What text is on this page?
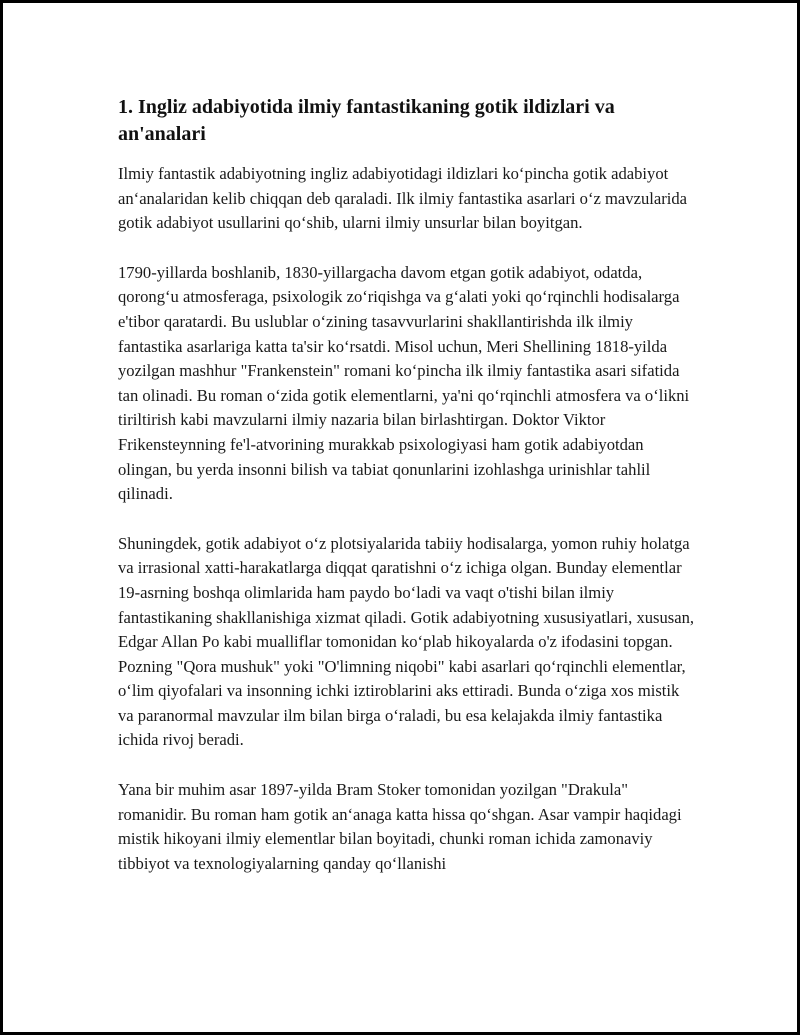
1. Ingliz adabiyotida ilmiy fantastikaning gotik ildizlari va an'analari

Ilmiy fantastik adabiyotning ingliz adabiyotidagi ildizlari koʻpincha gotik adabiyot anʻanalaridan kelib chiqqan deb qaraladi. Ilk ilmiy fantastika asarlari oʻz mavzularida gotik adabiyot usullarini qoʻshib, ularni ilmiy unsurlar bilan boyitgan.

1790-yillarda boshlanib, 1830-yillargacha davom etgan gotik adabiyot, odatda, qorongʻu atmosferaga, psixologik zoʻriqishga va gʻalati yoki qoʻrqinchli hodisalarga e'tibor qaratardi. Bu uslublar oʻzining tasavvurlarini shakllantirishda ilk ilmiy fantastika asarlariga katta ta'sir koʻrsatdi. Misol uchun, Meri Shellining 1818-yilda yozilgan mashhur "Frankenstein" romani koʻpincha ilk ilmiy fantastika asari sifatida tan olinadi. Bu roman oʻzida gotik elementlarni, ya'ni qoʻrqinchli atmosfera va oʻlikni tiriltirish kabi mavzularni ilmiy nazaria bilan birlashtirgan. Doktor Viktor Frikensteynning fe'l-atvorining murakkab psixologiyasi ham gotik adabiyotdan olingan, bu yerda insonni bilish va tabiat qonunlarini izohlashga urinishlar tahlil qilinadi.

Shuningdek, gotik adabiyot oʻz plotsiyalarida tabiiy hodisalarga, yomon ruhiy holatga va irrasional xatti-harakatlarga diqqat qaratishni oʻz ichiga olgan. Bunday elementlar 19-asrning boshqa olimlarida ham paydo boʻladi va vaqt o'tishi bilan ilmiy fantastikaning shakllanishiga xizmat qiladi. Gotik adabiyotning xususiyatlari, xususan, Edgar Allan Po kabi mualliflar tomonidan koʻplab hikoyalarda o'z ifodasini topgan. Pozning "Qora mushuk" yoki "O'limning niqobi" kabi asarlari qoʻrqinchli elementlar, oʻlim qiyofalari va insonning ichki iztiroblarini aks ettiradi. Bunda oʻziga xos mistik va paranormal mavzular ilm bilan birga oʻraladi, bu esa kelajakda ilmiy fantastika ichida rivoj beradi.

Yana bir muhim asar 1897-yilda Bram Stoker tomonidan yozilgan "Drakula" romanidir. Bu roman ham gotik anʻanaga katta hissa qoʻshgan. Asar vampir haqidagi mistik hikoyani ilmiy elementlar bilan boyitadi, chunki roman ichida zamonaviy tibbiyot va texnologiyalarning qanday qoʻllanishi
